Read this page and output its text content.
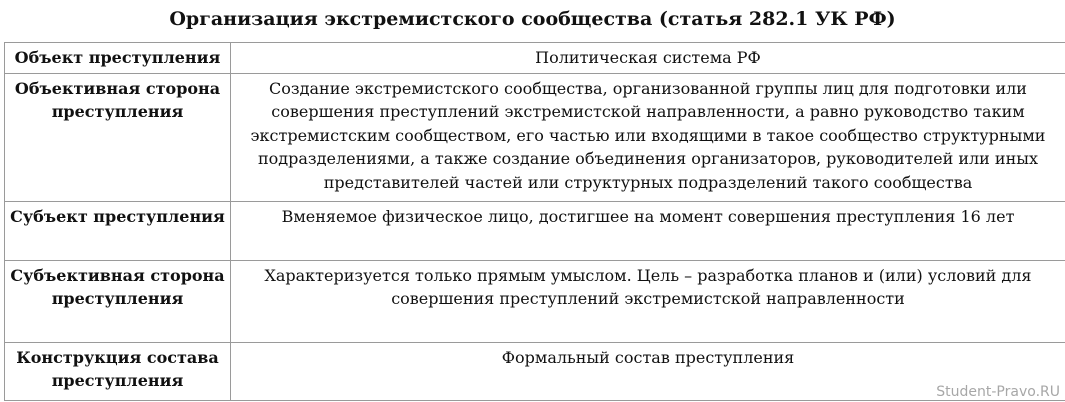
Организация экстремистского сообщества (статья 282.1 УК РФ)
Объект преступления	Политическая система РФ
Объективная сторона преступления	Создание экстремистского сообщества, организованной группы лиц для подготовки или совершения преступлений экстремистской направленности, а равно руководство таким экстремистским сообществом, его частью или входящими в такое сообщество структурными подразделениями, а также создание объединения организаторов, руководителей или иных представителей частей или структурных подразделений такого сообщества
Субъект преступления	Вменяемое физическое лицо, достигшее на момент совершения преступления 16 лет
Субъективная сторона преступления	Характеризуется только прямым умыслом. Цель – разработка планов и (или) условий для совершения преступлений экстремистской направленности
Конструкция состава преступления	Формальный состав преступления
Student-Pravo.RU
